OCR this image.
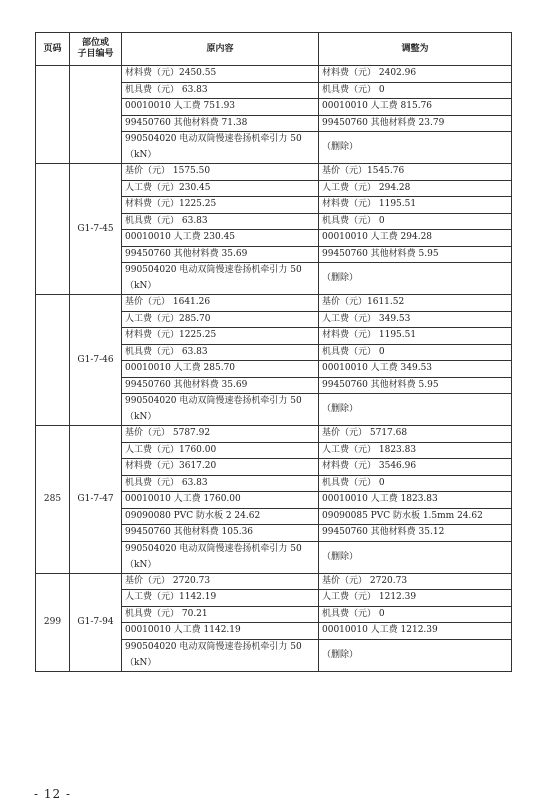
页码	部位或
子目编号	原内容	调整为

		材料费（元）2450.55	材料费（元） 2402.96

		机具费（元） 63.83	机具费（元） 0

		00010010 人工费 751.93	00010010 人工费 815.76

		99450760 其他材料费 71.38	99450760 其他材料费 23.79

		990504020 电动双筒慢速卷扬机牵引力 50
（kN）	（删除）
	G1-7-45	基价（元） 1575.50	基价（元）1545.76

		人工费（元）230.45	人工费（元） 294.28

		材料费（元）1225.25	材料费（元） 1195.51

		机具费（元） 63.83	机具费（元） 0

		00010010 人工费 230.45	00010010 人工费 294.28

		99450760 其他材料费 35.69	99450760 其他材料费 5.95

		990504020 电动双筒慢速卷扬机牵引力 50
（kN）	（删除）
	G1-7-46	基价（元） 1641.26	基价（元）1611.52

		人工费（元）285.70	人工费（元） 349.53

		材料费（元）1225.25	材料费（元） 1195.51

		机具费（元） 63.83	机具费（元） 0

		00010010 人工费 285.70	00010010 人工费 349.53

		99450760 其他材料费 35.69	99450760 其他材料费 5.95

		990504020 电动双筒慢速卷扬机牵引力 50
（kN）	（删除）
285	G1-7-47	基价（元） 5787.92	基价（元） 5717.68

		人工费（元）1760.00	人工费（元） 1823.83

		材料费（元）3617.20	材料费（元） 3546.96

		机具费（元） 63.83	机具费（元） 0

		00010010 人工费 1760.00	00010010 人工费 1823.83

		09090080 PVC 防水板 2 24.62	09090085 PVC 防水板 1.5mm 24.62

		99450760 其他材料费 105.36	99450760 其他材料费 35.12

		990504020 电动双筒慢速卷扬机牵引力 50
（kN）	（删除）
299	G1-7-94	基价（元） 2720.73	基价（元） 2720.73

		人工费（元）1142.19	人工费（元） 1212.39

		机具费（元） 70.21	机具费（元） 0

		00010010 人工费 1142.19	00010010 人工费 1212.39

		990504020 电动双筒慢速卷扬机牵引力 50
（kN）	（删除）
- 12 -
